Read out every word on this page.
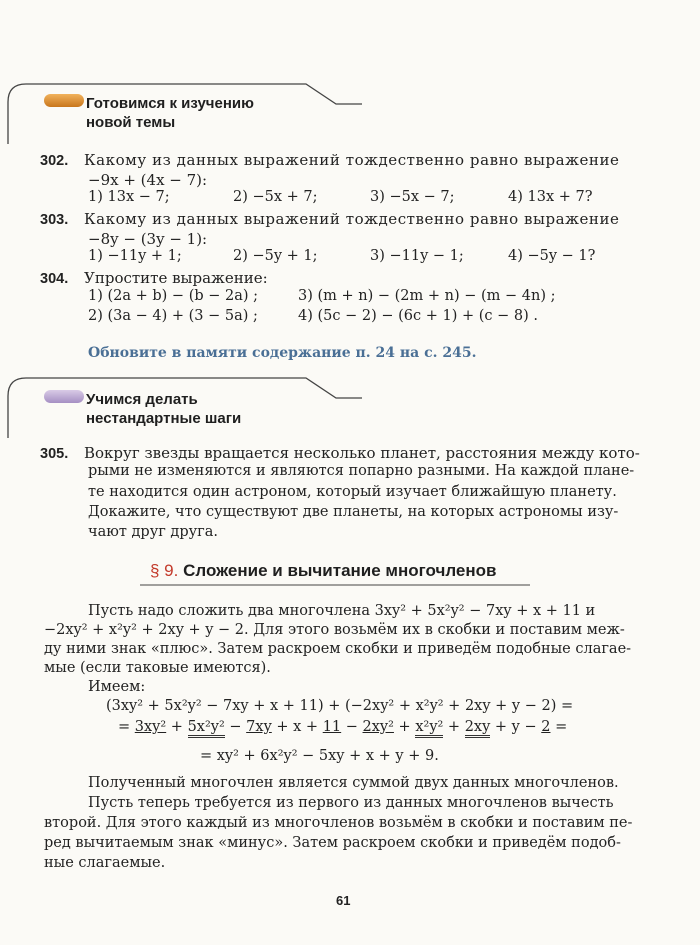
Готовимся к изучению
новой темы
302. Какому из данных выражений тождественно равно выражение
−9x + (4x − 7):
1) 13x − 7;	2) −5x + 7;	3) −5x − 7;	4) 13x + 7?
303. Какому из данных выражений тождественно равно выражение
−8y − (3y − 1):
1) −11y + 1;	2) −5y + 1;	3) −11y − 1;	4) −5y − 1?
304. Упростите выражение:
1) (2a + b) − (b − 2a) ;	3) (m + n) − (2m + n) − (m − 4n) ;
2) (3a − 4) + (3 − 5a) ;	4) (5c − 2) − (6c + 1) + (c − 8) .
Обновите в памяти содержание п. 24 на с. 245.
Учимся делать
нестандартные шаги
305. Вокруг звезды вращается несколько планет, расстояния между кото-
рыми не изменяются и являются попарно разными. На каждой плане-
те находится один астроном, который изучает ближайшую планету.
Докажите, что существуют две планеты, на которых астрономы изу-
чают друг друга.
§ 9. Сложение и вычитание многочленов
Пусть надо сложить два многочлена 3xy² + 5x²y² − 7xy + x + 11 и
−2xy² + x²y² + 2xy + y − 2. Для этого возьмём их в скобки и поставим меж-
ду ними знак «плюс». Затем раскроем скобки и приведём подобные слагае-
мые (если таковые имеются).
Имеем:
(3xy² + 5x²y² − 7xy + x + 11) + (−2xy² + x²y² + 2xy + y − 2) =
= 3xy² + 5x²y² − 7xy + x + 11 − 2xy² + x²y² + 2xy + y − 2 =
= xy² + 6x²y² − 5xy + x + y + 9.
Полученный многочлен является суммой двух данных многочленов.
Пусть теперь требуется из первого из данных многочленов вычесть
второй. Для этого каждый из многочленов возьмём в скобки и поставим пе-
ред вычитаемым знак «минус». Затем раскроем скобки и приведём подоб-
ные слагаемые.
61
